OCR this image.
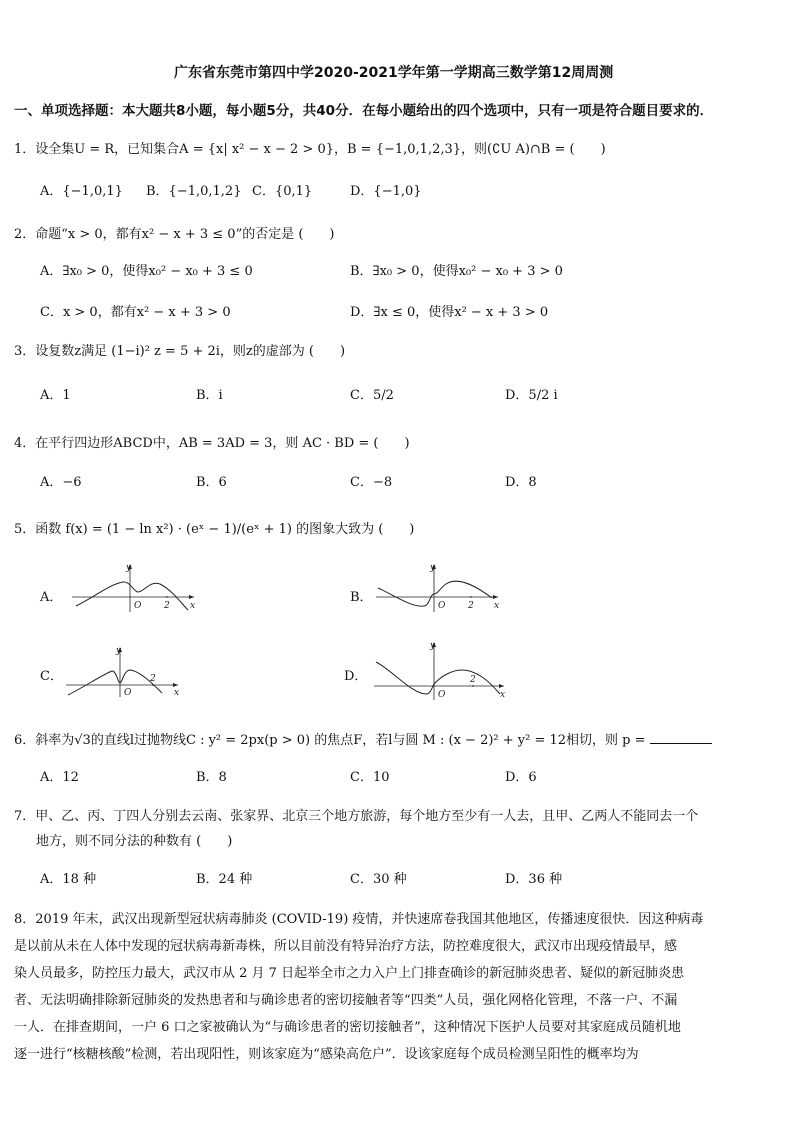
广东省东莞市第四中学2020-2021学年第一学期高三数学第12周周测
一、单项选择题：本大题共8小题，每小题5分，共40分．在每小题给出的四个选项中，只有一项是符合题目要求的．
1．设全集U = R，已知集合A = {x| x² − x − 2 > 0}，B = {−1,0,1,2,3}，则(∁U A)∩B = (　　)
A．{−1,0,1} B．{−1,0,1,2} C．{0,1}	D．{−1,0}
2．命题“x > 0，都有x² − x + 3 ≤ 0”的否定是 (　　)
A．∃x₀ > 0，使得x₀² − x₀ + 3 ≤ 0	B．∃x₀ > 0，使得x₀² − x₀ + 3 > 0
C．x > 0，都有x² − x + 3 > 0	D．∃x ≤ 0，使得x² − x + 3 > 0
3．设复数z满足 (1−i)² z = 5 + 2i，则z的虚部为 (　　)
A．1	B．i	C．5/2	D．5/2 i
4．在平行四边形ABCD中，AB = 3AD = 3，则 AC · BD = (　　)
A．−6	B．6	C．−8	D．8
5．函数 f(x) = (1 − ln x²) · (eˣ − 1)/(eˣ + 1) 的图象大致为 (　　)
A．
y
O	2 x
B．
y
O	2 x
C．
y
O
2
x
D．
y
O
2
x
6．斜率为√3的直线l过抛物线C : y² = 2px(p > 0) 的焦点F，若l与圆 M : (x − 2)² + y² = 12相切，则 p =
A．12	B．8	C．10	D．6
7．甲、乙、丙、丁四人分别去云南、张家界、北京三个地方旅游，每个地方至少有一人去，且甲、乙两人不能同去一个
地方，则不同分法的种数有 (　　)
A．18 种	B．24 种	C．30 种	D．36 种
8．2019 年末，武汉出现新型冠状病毒肺炎 (COVID-19) 疫情，并快速席卷我国其他地区，传播速度很快．因这种病毒
是以前从未在人体中发现的冠状病毒新毒株，所以目前没有特异治疗方法，防控难度很大，武汉市出现疫情最早，感
染人员最多，防控压力最大，武汉市从 2 月 7 日起举全市之力入户上门排查确诊的新冠肺炎患者、疑似的新冠肺炎患
者、无法明确排除新冠肺炎的发热患者和与确诊患者的密切接触者等“四类”人员，强化网格化管理，不落一户、不漏
一人．在排查期间，一户 6 口之家被确认为“与确诊患者的密切接触者”，这种情况下医护人员要对其家庭成员随机地
逐一进行“核糖核酸”检测，若出现阳性，则该家庭为“感染高危户”．设该家庭每个成员检测呈阳性的概率均为
